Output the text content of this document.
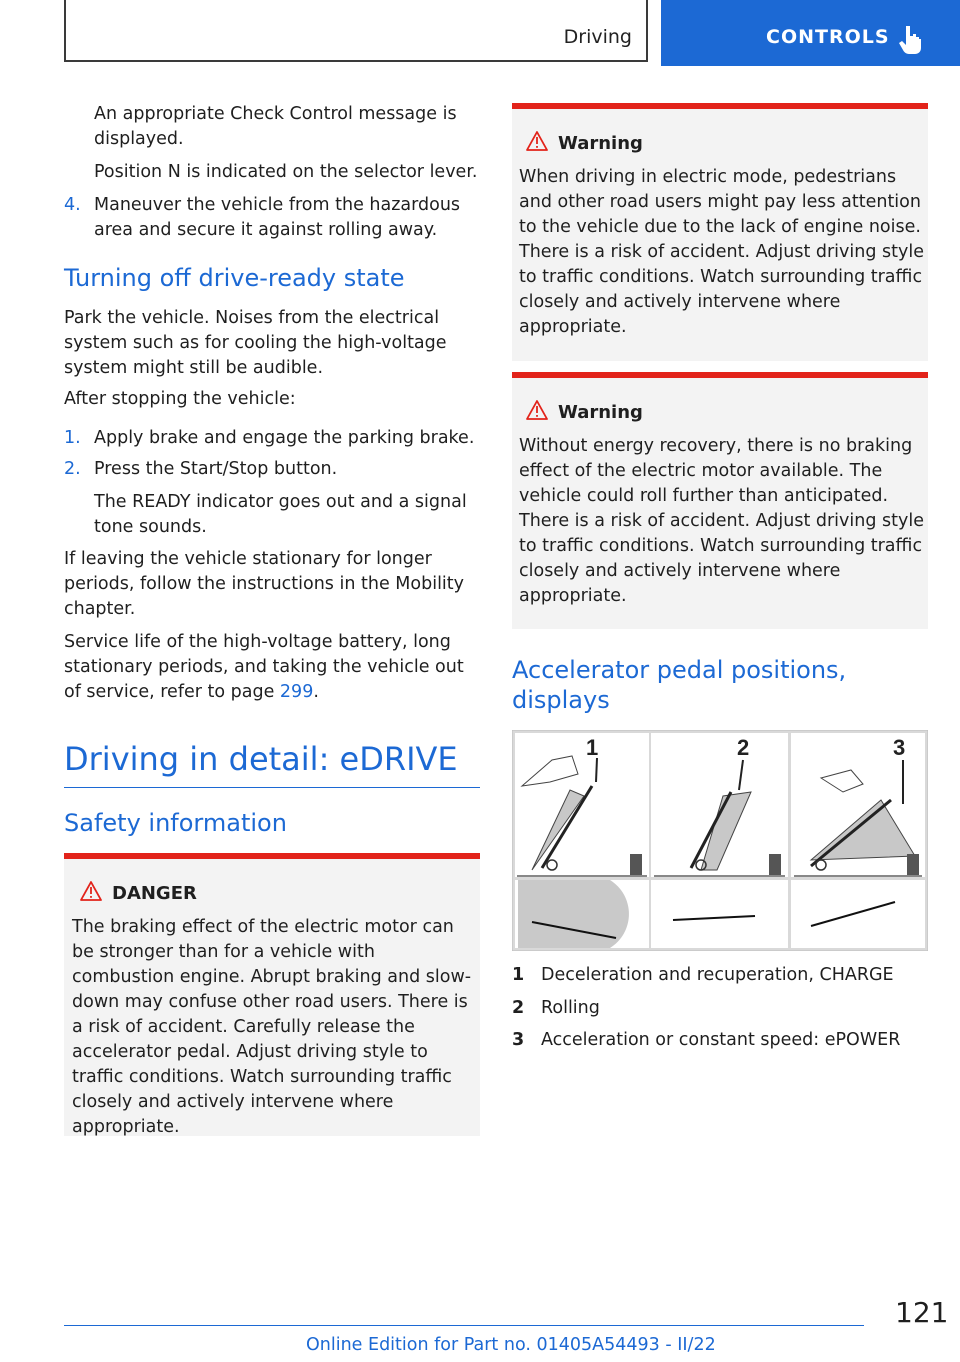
Driving	CONTROLS

An appropriate Check Control message is displayed.

Position N is indicated on the selector lever.

4. Maneuver the vehicle from the hazardous area and secure it against rolling away.

Turning off drive-ready state

Park the vehicle. Noises from the electrical system such as for cooling the high-voltage system might still be audible.

After stopping the vehicle:

1. Apply brake and engage the parking brake.

2. Press the Start/Stop button.

The READY indicator goes out and a signal tone sounds.

If leaving the vehicle stationary for longer periods, follow the instructions in the Mobility chapter.

Service life of the high-voltage battery, long stationary periods, and taking the vehicle out of service, refer to page 299.

Driving in detail: eDRIVE

Safety information

DANGER

The braking effect of the electric motor can be stronger than for a vehicle with combustion engine. Abrupt braking and slow-down may confuse other road users. There is a risk of accident. Carefully release the accelerator pedal. Adjust driving style to traffic conditions. Watch surrounding traffic closely and actively intervene where appropriate.

Warning

When driving in electric mode, pedestrians and other road users might pay less attention to the vehicle due to the lack of engine noise. There is a risk of accident. Adjust driving style to traffic conditions. Watch surrounding traffic closely and actively intervene where appropriate.

Warning

Without energy recovery, there is no braking effect of the electric motor available. The vehicle could roll further than anticipated. There is a risk of accident. Adjust driving style to traffic conditions. Watch surrounding traffic closely and actively intervene where appropriate.

Accelerator pedal positions, displays

1	2	3
1 Deceleration and recuperation, CHARGE
2 Rolling
3 Acceleration or constant speed: ePOWER
121
Online Edition for Part no. 01405A54493 - II/22
